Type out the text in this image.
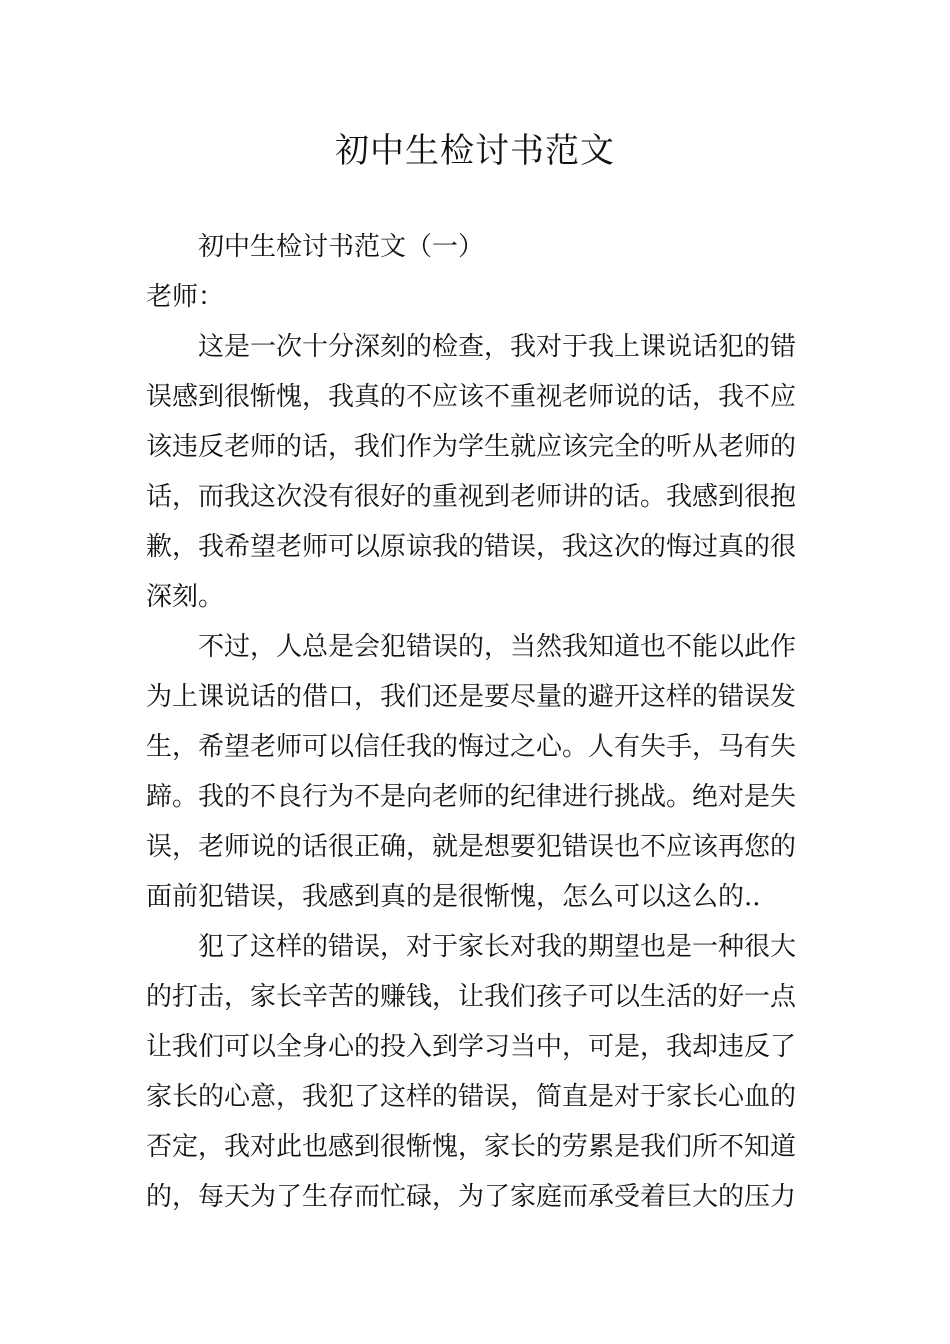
初中生检讨书范文
初中生检讨书范文（一）
老师：
这是一次十分深刻的检查，我对于我上课说话犯的错
误感到很惭愧，我真的不应该不重视老师说的话，我不应
该违反老师的话，我们作为学生就应该完全的听从老师的
话，而我这次没有很好的重视到老师讲的话。我感到很抱
歉，我希望老师可以原谅我的错误，我这次的悔过真的很
深刻。
不过，人总是会犯错误的，当然我知道也不能以此作
为上课说话的借口，我们还是要尽量的避开这样的错误发
生，希望老师可以信任我的悔过之心。人有失手，马有失
蹄。我的不良行为不是向老师的纪律进行挑战。绝对是失
误，老师说的话很正确，就是想要犯错误也不应该再您的
面前犯错误，我感到真的是很惭愧，怎么可以这么的..
犯了这样的错误，对于家长对我的期望也是一种很大
的打击，家长辛苦的赚钱，让我们孩子可以生活的好一点
让我们可以全身心的投入到学习当中，可是，我却违反了
家长的心意，我犯了这样的错误，简直是对于家长心血的
否定，我对此也感到很惭愧，家长的劳累是我们所不知道
的，每天为了生存而忙碌，为了家庭而承受着巨大的压力
